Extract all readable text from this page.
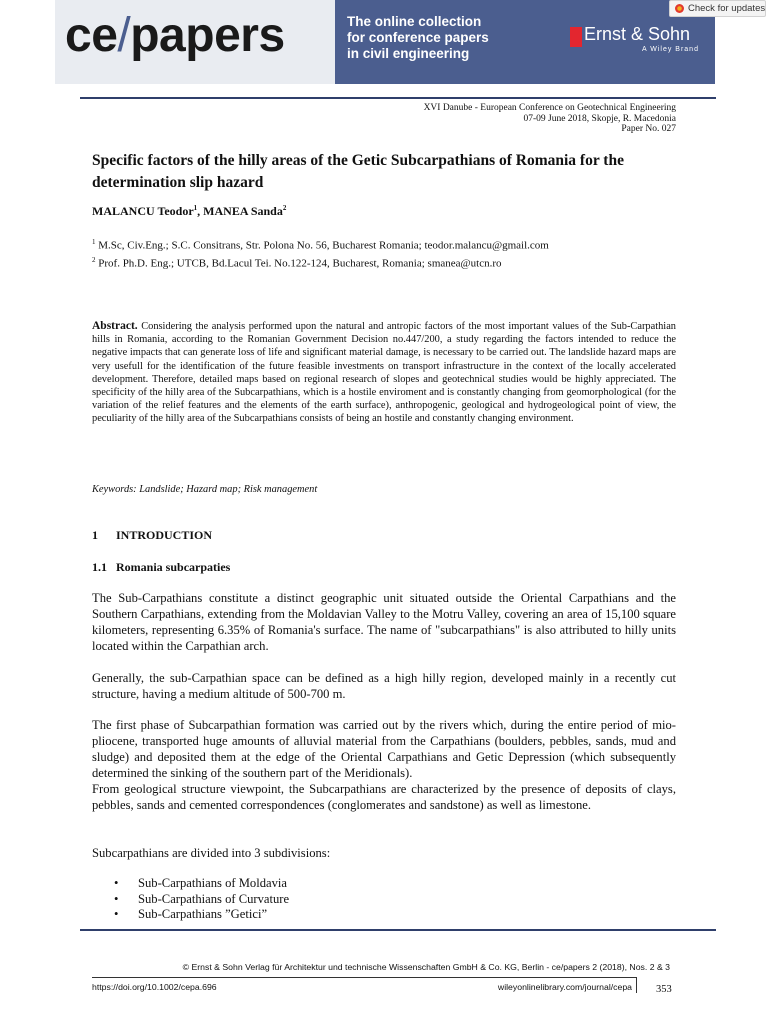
ce/papers	The online collection
for conference papers
in civil engineering
Ernst & Sohn
A Wiley Brand
Check for updates
XVI Danube - European Conference on Geotechnical Engineering
07-09 June 2018, Skopje, R. Macedonia
Paper No. 027
Specific factors of the hilly areas of the Getic Subcarpathians of Romania for the determination slip hazard
MALANCU Teodor$^1$, MANEA Sanda$^2$
$^1$ M.Sc, Civ.Eng.; S.C. Consitrans, Str. Polona No. 56, Bucharest Romania; teodor.malancu@gmail.com
$^2$ Prof. Ph.D. Eng.; UTCB, Bd.Lacul Tei. No.122-124, Bucharest, Romania; smanea@utcn.ro
Abstract. Considering the analysis performed upon the natural and antropic factors of the most important values of the Sub-Carpathian hills in Romania, according to the Romanian Government Decision no.447/200, a study regarding the factors intended to reduce the negative impacts that can generate loss of life and significant material damage, is necessary to be carried out. The landslide hazard maps are very usefull for the identification of the future feasible investments on transport infrastructure in the context of the locally accelerated development. Therefore, detailed maps based on regional research of slopes and geotechnical studies would be highly appreciated. The specificity of the hilly area of the Subcarpathians, which is a hostile enviroment and is constantly changing from geomorphological (for the variation of the relief features and the elements of the earth surface), anthropogenic, geological and hydrogeological point of view, the peculiarity of the hilly area of the Subcarpathians consists of being an hostile and constantly changing environment.
Keywords: Landslide; Hazard map; Risk management
1 INTRODUCTION
1.1 Romania subcarpaties
The Sub-Carpathians constitute a distinct geographic unit situated outside the Oriental Carpathians and the Southern Carpathians, extending from the Moldavian Valley to the Motru Valley, covering an area of 15,100 square kilometers, representing 6.35% of Romania's surface. The name of "subcarpathians" is also attributed to hilly units located within the Carpathian arch.
Generally, the sub-Carpathian space can be defined as a high hilly region, developed mainly in a recently cut structure, having a medium altitude of 500-700 m.
The first phase of Subcarpathian formation was carried out by the rivers which, during the entire period of mio-pliocene, transported huge amounts of alluvial material from the Carpathians (boulders, pebbles, sands, mud and sludge) and deposited them at the edge of the Oriental Carpathians and Getic Depression (which subsequently determined the sinking of the southern part of the Meridionals).
From geological structure viewpoint, the Subcarpathians are characterized by the presence of deposits of clays, pebbles, sands and cemented correspondences (conglomerates and sandstone) as well as limestone.
Subcarpathians are divided into 3 subdivisions:
• Sub-Carpathians of Moldavia
• Sub-Carpathians of Curvature
• Sub-Carpathians ”Getici”
© Ernst & Sohn Verlag für Architektur und technische Wissenschaften GmbH & Co. KG, Berlin - ce/papers 2 (2018), Nos. 2 & 3
https://doi.org/10.1002/cepa.696	wileyonlinelibrary.com/journal/cepa 353
